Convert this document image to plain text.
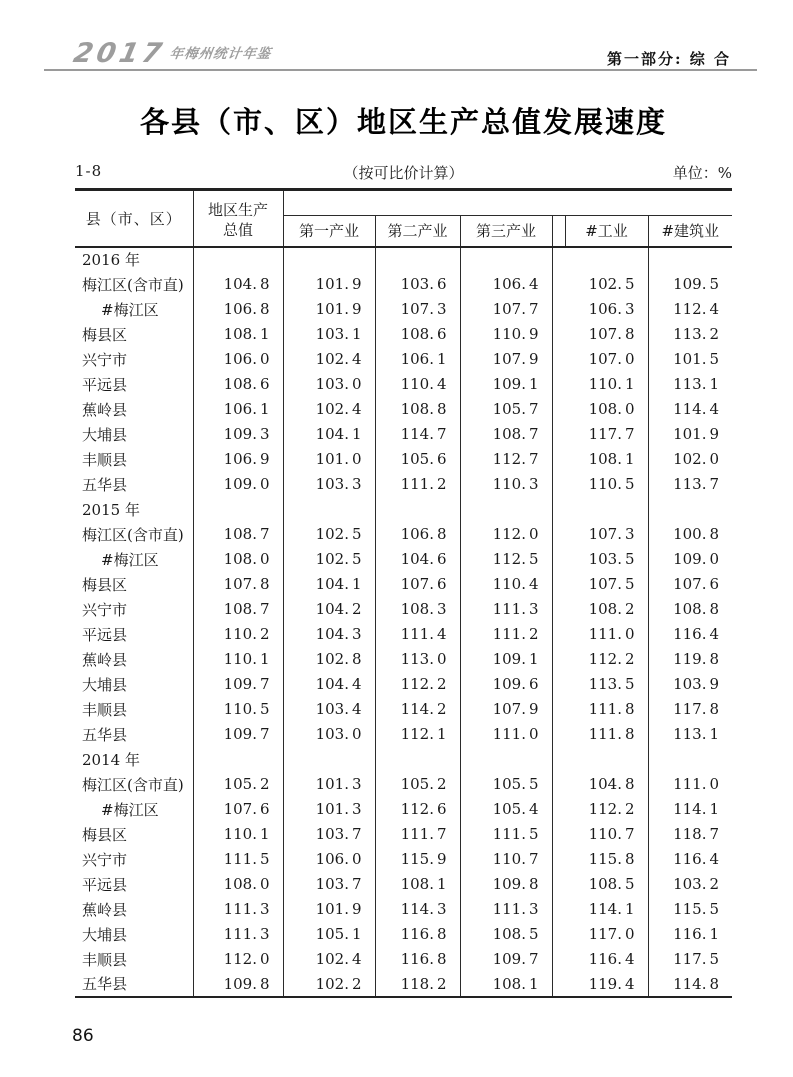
2017年梅州统计年鉴	第一部分: 综 合
各县（市、区）地区生产总值发展速度
1-8	（按可比价计算）	单位：%
县（市、区）	地区生产
总值						
		第一产业	第二产业	第三产业		#工业	#建筑业
2016 年							
梅江区(含市直)	104. 8	101. 9	103. 6	106. 4		102. 5	109. 5
#梅江区	106. 8	101. 9	107. 3	107. 7		106. 3	112. 4
梅县区	108. 1	103. 1	108. 6	110. 9		107. 8	113. 2
兴宁市	106. 0	102. 4	106. 1	107. 9		107. 0	101. 5
平远县	108. 6	103. 0	110. 4	109. 1		110. 1	113. 1
蕉岭县	106. 1	102. 4	108. 8	105. 7		108. 0	114. 4
大埔县	109. 3	104. 1	114. 7	108. 7		117. 7	101. 9
丰顺县	106. 9	101. 0	105. 6	112. 7		108. 1	102. 0
五华县	109. 0	103. 3	111. 2	110. 3		110. 5	113. 7
2015 年							
梅江区(含市直)	108. 7	102. 5	106. 8	112. 0		107. 3	100. 8
#梅江区	108. 0	102. 5	104. 6	112. 5		103. 5	109. 0
梅县区	107. 8	104. 1	107. 6	110. 4		107. 5	107. 6
兴宁市	108. 7	104. 2	108. 3	111. 3		108. 2	108. 8
平远县	110. 2	104. 3	111. 4	111. 2		111. 0	116. 4
蕉岭县	110. 1	102. 8	113. 0	109. 1		112. 2	119. 8
大埔县	109. 7	104. 4	112. 2	109. 6		113. 5	103. 9
丰顺县	110. 5	103. 4	114. 2	107. 9		111. 8	117. 8
五华县	109. 7	103. 0	112. 1	111. 0		111. 8	113. 1
2014 年							
梅江区(含市直)	105. 2	101. 3	105. 2	105. 5		104. 8	111. 0
#梅江区	107. 6	101. 3	112. 6	105. 4		112. 2	114. 1
梅县区	110. 1	103. 7	111. 7	111. 5		110. 7	118. 7
兴宁市	111. 5	106. 0	115. 9	110. 7		115. 8	116. 4
平远县	108. 0	103. 7	108. 1	109. 8		108. 5	103. 2
蕉岭县	111. 3	101. 9	114. 3	111. 3		114. 1	115. 5
大埔县	111. 3	105. 1	116. 8	108. 5		117. 0	116. 1
丰顺县	112. 0	102. 4	116. 8	109. 7		116. 4	117. 5
五华县	109. 8	102. 2	118. 2	108. 1		119. 4	114. 8
86
